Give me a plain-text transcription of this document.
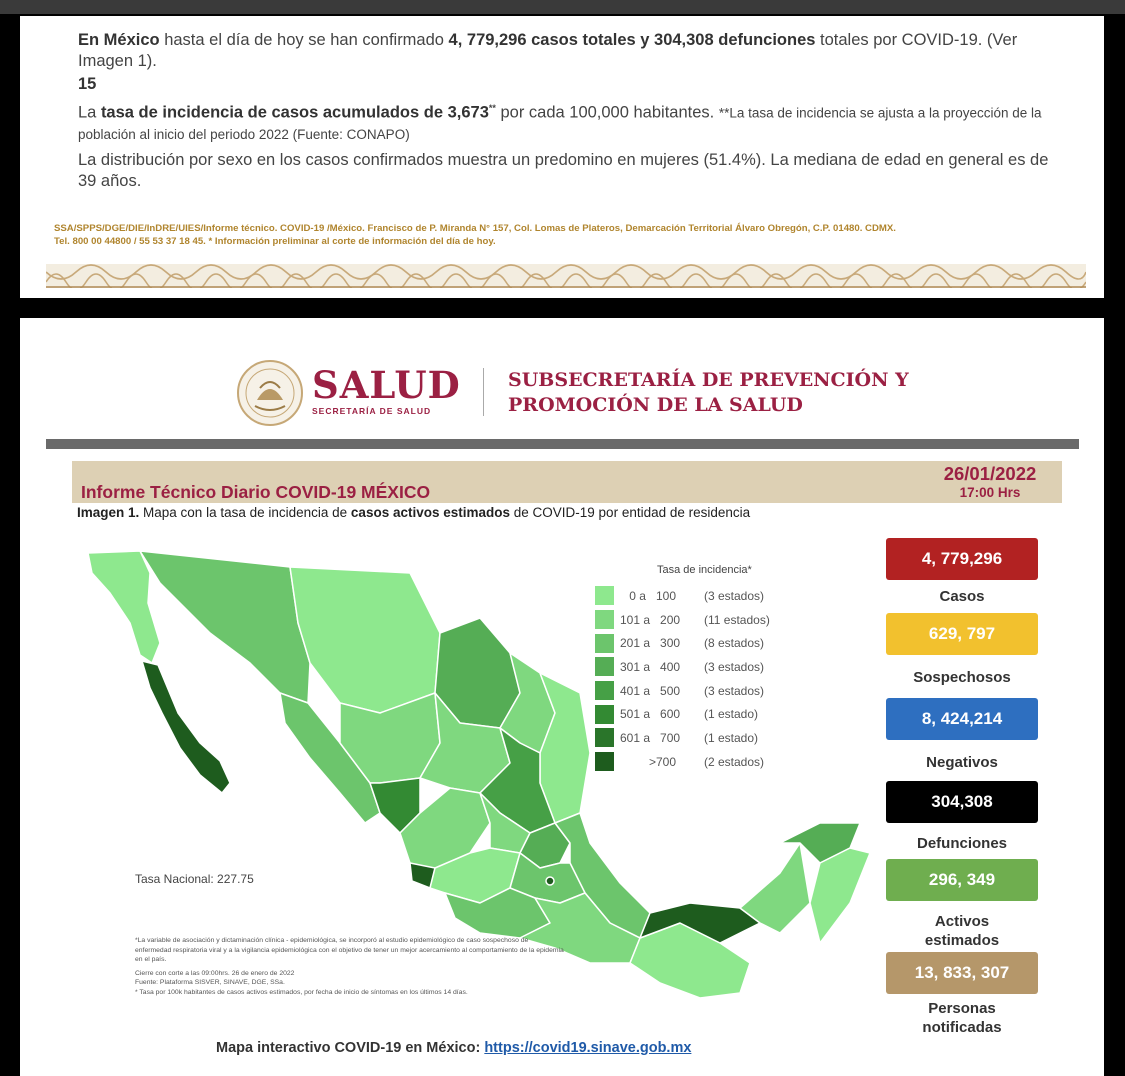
En México hasta el día de hoy se han confirmado 4, 779,296 casos totales y 304,308 defunciones totales por COVID-19. (Ver Imagen 1).
15
La tasa de incidencia de casos acumulados de 3,673** por cada 100,000 habitantes. **La tasa de incidencia se ajusta a la proyección de la población al inicio del periodo 2022 (Fuente: CONAPO)
La distribución por sexo en los casos confirmados muestra un predomino en mujeres (51.4%). La mediana de edad en general es de 39 años.
SSA/SPPS/DGE/DIE/InDRE/UIES/Informe técnico. COVID-19 /México. Francisco de P. Miranda N° 157, Col. Lomas de Plateros, Demarcación Territorial Álvaro Obregón, C.P. 01480. CDMX.
Tel. 800 00 44800 / 55 53 37 18 45. * Información preliminar al corte de información del día de hoy.
SALUD
SECRETARÍA DE SALUD
SUBSECRETARÍA DE PREVENCIÓN Y
PROMOCIÓN DE LA SALUD
Informe Técnico Diario COVID-19 MÉXICO
26/01/2022
17:00 Hrs
Imagen 1. Mapa con la tasa de incidencia de casos activos estimados de COVID-19 por entidad de residencia
Tasa de incidencia*
0 a   100	(3 estados)
101 a   200	(11 estados)
201 a   300	(8 estados)
301 a   400	(3 estados)
401 a   500	(3 estados)
501 a   600	(1 estado)
601 a   700	(1 estado)
>700	(2 estados)
Tasa Nacional: 227.75
*La variable de asociación y dictaminación clínica - epidemiológica, se incorporó al estudio epidemiológico de caso sospechoso de enfermedad respiratoria viral y a la vigilancia epidemiológica con el objetivo de tener un mejor acercamiento al comportamiento de la epidemia en el país.
Cierre con corte a las 09:00hrs. 26 de enero de 2022
Fuente: Plataforma SISVER, SINAVE, DGE, SSa.
* Tasa por 100k habitantes de casos activos estimados, por fecha de inicio de síntomas en los últimos 14 días.
Mapa interactivo COVID-19 en México: https://covid19.sinave.gob.mx
4, 779,296
Casos
629, 797
Sospechosos
8, 424,214
Negativos
304,308
Defunciones
296, 349
Activos
estimados
13, 833, 307
Personas
notificadas
